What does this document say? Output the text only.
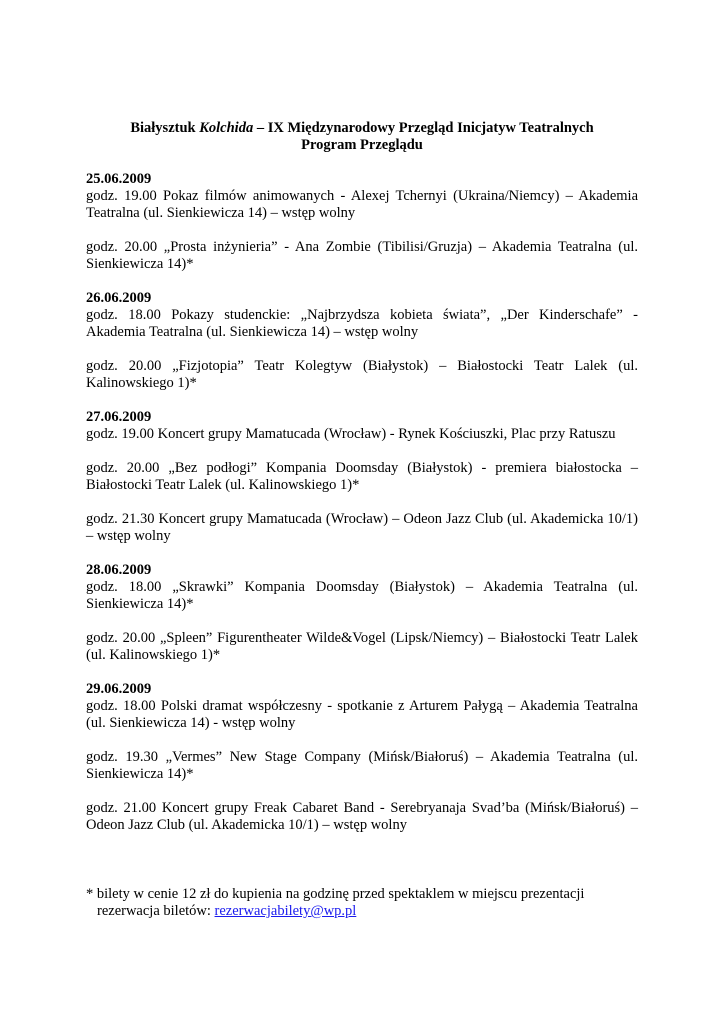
Białysztuk Kolchida – IX Międzynarodowy Przegląd Inicjatyw Teatralnych

Program Przeglądu

25.06.2009
godz. 19.00 Pokaz filmów animowanych - Alexej Tchernyi (Ukraina/Niemcy) – Akademia Teatralna (ul. Sienkiewicza 14) – wstęp wolny
godz. 20.00 „Prosta inżynieria” - Ana Zombie (Tibilisi/Gruzja) – Akademia Teatralna (ul. Sienkiewicza 14)*
26.06.2009
godz. 18.00 Pokazy studenckie: „Najbrzydsza kobieta świata”, „Der Kinderschafe” - Akademia Teatralna (ul. Sienkiewicza 14) – wstęp wolny
godz. 20.00 „Fizjotopia” Teatr Kolegtyw (Białystok) – Białostocki Teatr Lalek (ul. Kalinowskiego 1)*
27.06.2009
godz. 19.00 Koncert grupy Mamatucada (Wrocław) - Rynek Kościuszki, Plac przy Ratuszu
godz. 20.00 „Bez podłogi” Kompania Doomsday (Białystok) - premiera białostocka – Białostocki Teatr Lalek (ul. Kalinowskiego 1)*
godz. 21.30 Koncert grupy Mamatucada (Wrocław) – Odeon Jazz Club (ul. Akademicka 10/1) – wstęp wolny
28.06.2009
godz. 18.00 „Skrawki” Kompania Doomsday (Białystok) – Akademia Teatralna (ul. Sienkiewicza 14)*
godz. 20.00 „Spleen” Figurentheater Wilde&Vogel (Lipsk/Niemcy) – Białostocki Teatr Lalek (ul. Kalinowskiego 1)*
29.06.2009
godz. 18.00 Polski dramat współczesny - spotkanie z Arturem Pałygą – Akademia Teatralna (ul. Sienkiewicza 14) - wstęp wolny
godz. 19.30 „Vermes” New Stage Company (Mińsk/Białoruś) – Akademia Teatralna (ul. Sienkiewicza 14)*
godz. 21.00 Koncert grupy Freak Cabaret Band - Serebryanaja Svad’ba (Mińsk/Białoruś) – Odeon Jazz Club (ul. Akademicka 10/1) – wstęp wolny
* bilety w cenie 12 zł do kupienia na godzinę przed spektaklem w miejscu prezentacji
rezerwacja biletów: rezerwacjabilety@wp.pl
